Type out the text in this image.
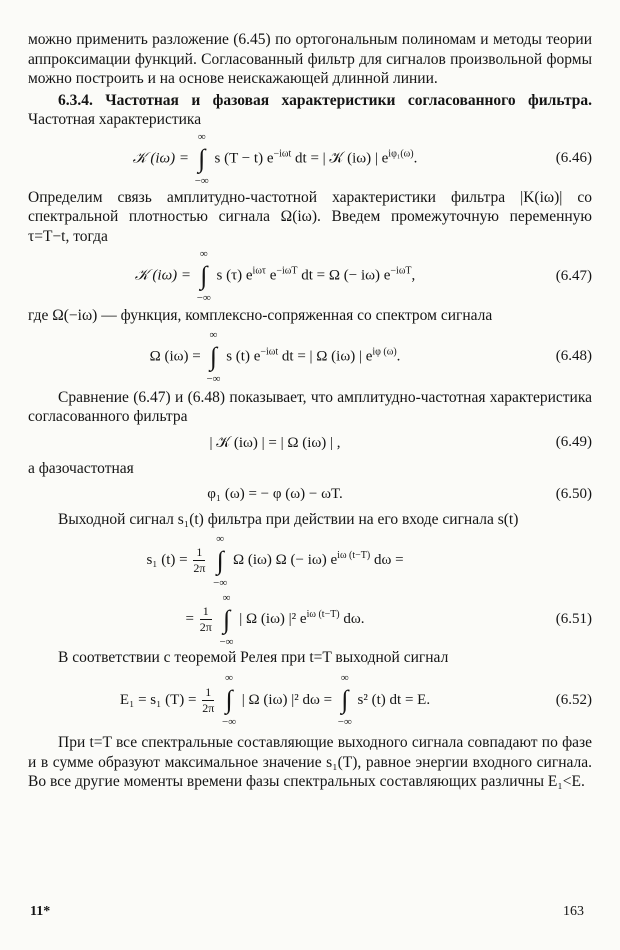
можно применить разложение (6.45) по ортогональным полиномам и методы теории аппроксимации функций. Согласованный фильтр для сигналов произвольной формы можно построить и на основе неискажающей длинной линии.

6.3.4. Частотная и фазовая характеристики согласованного фильтра. Частотная характеристика

𝒦 (iω) =
∞
∫
−∞
s (T − t) $e^{-i\omega t}$ dt = | 𝒦 (iω) | $e^{i\varphi_1(\omega)}$.	(6.46)

Определим связь амплитудно-частотной характеристики фильтра |K(iω)| со спектральной плотностью сигнала Ω(iω). Введем промежуточную переменную τ=T−t, тогда

𝒦 (iω) =
∞
∫
−∞
s (τ) $e^{i\omega\tau}$ $e^{-i\omega T}$ dt = Ω (− iω) $e^{-i\omega T}$,	(6.47)

где Ω(−iω) — функция, комплексно-сопряженная со спектром сигнала

Ω (iω) =
∞
∫
−∞
s (t) $e^{-i\omega t}$ dt = | Ω (iω) | $e^{i\varphi (\omega)}$.	(6.48)

Сравнение (6.47) и (6.48) показывает, что амплитудно-частотная характеристика согласованного фильтра

| 𝒦 (iω) | = | Ω (iω) | ,	(6.49)

а фазочастотная

φ₁ (ω) = − φ (ω) − ωT.	(6.50)

Выходной сигнал s₁(t) фильтра при действии на его входе сигнала s(t)

s₁ $(t) = \frac{1}{2\pi}$

∞
∫
−∞
Ω (iω) Ω (− iω) $e^{i\omega (t-T)}$ dω =
= $\frac{1}{2\pi}$

∞
∫
−∞
| Ω (iω) |² $e^{i\omega (t-T)}$ dω.	(6.51)

В соответствии с теоремой Релея при t=T выходной сигнал

E₁ = s₁ $(T) = \frac{1}{2\pi}$

∞
∫
−∞
| Ω (iω) |² dω =
∞
∫
−∞
s² (t) dt = E.	(6.52)

При t=T все спектральные составляющие выходного сигнала совпадают по фазе и в сумме образуют максимальное значение s₁(T), равное энергии входного сигнала. Во все другие моменты времени фазы спектральных составляющих различны E₁<E.

11*	163
